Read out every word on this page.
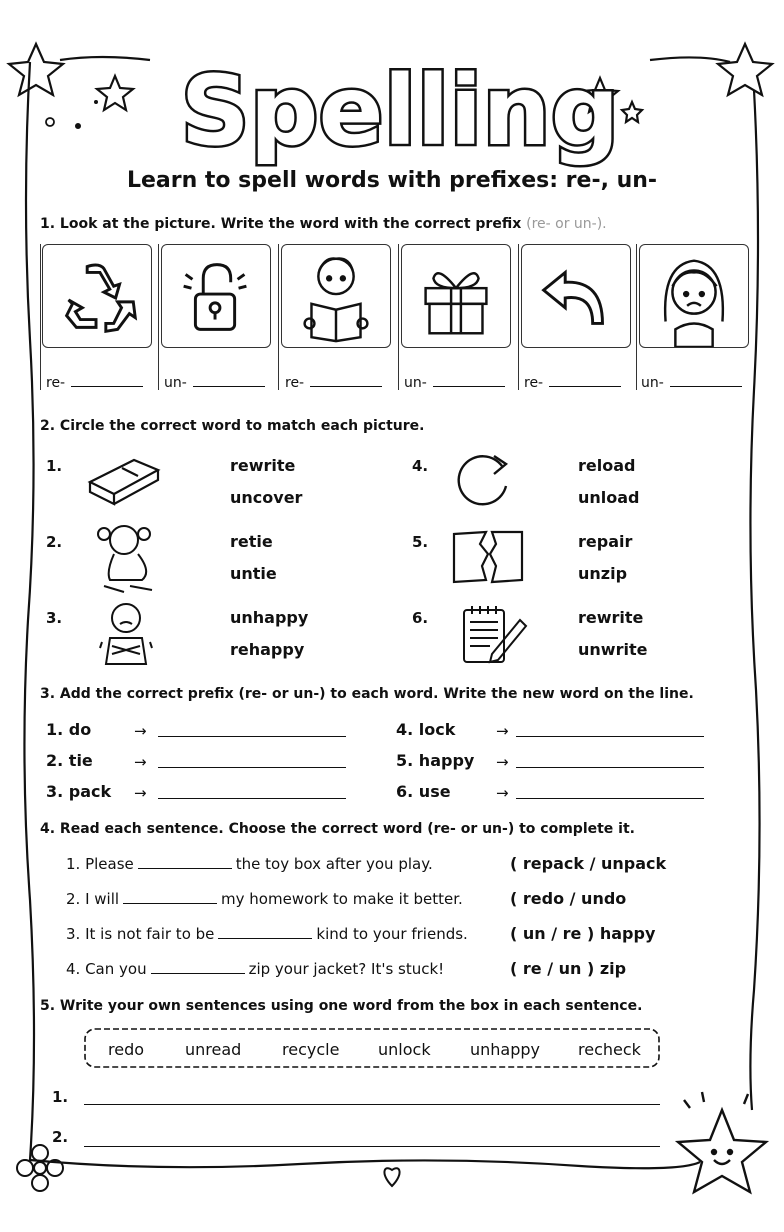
Spelling
Learn to spell words with prefixes: re-, un-
1. Look at the picture. Write the word with the correct prefix (re- or un-).
re-	un-	re-	un-	re-	un-
2. Circle the correct word to match each picture.
1.	rewrite
uncover
2.	retie
untie
3.	unhappy
rehappy
4.	reload
unload
5.	repair
unzip
6.	rewrite
unwrite
3. Add the correct prefix (re- or un-) to each word. Write the new word on the line.
1. do	→
2. tie	→
3. pack →
4. lock	→
5. happy →
6. use	→
4. Read each sentence. Choose the correct word (re- or un-) to complete it.
1. Please	the toy box after you play.	( repack / unpack
2. I will	my homework to make it better.	( redo / undo
3. It is not fair to be	kind to your friends.	( un / re ) happy
4. Can you	zip your jacket? It's stuck!	( re / un ) zip
5. Write your own sentences using one word from the box in each sentence.
redo	unread	recycle unlock unhappy recheck
1.
2.
